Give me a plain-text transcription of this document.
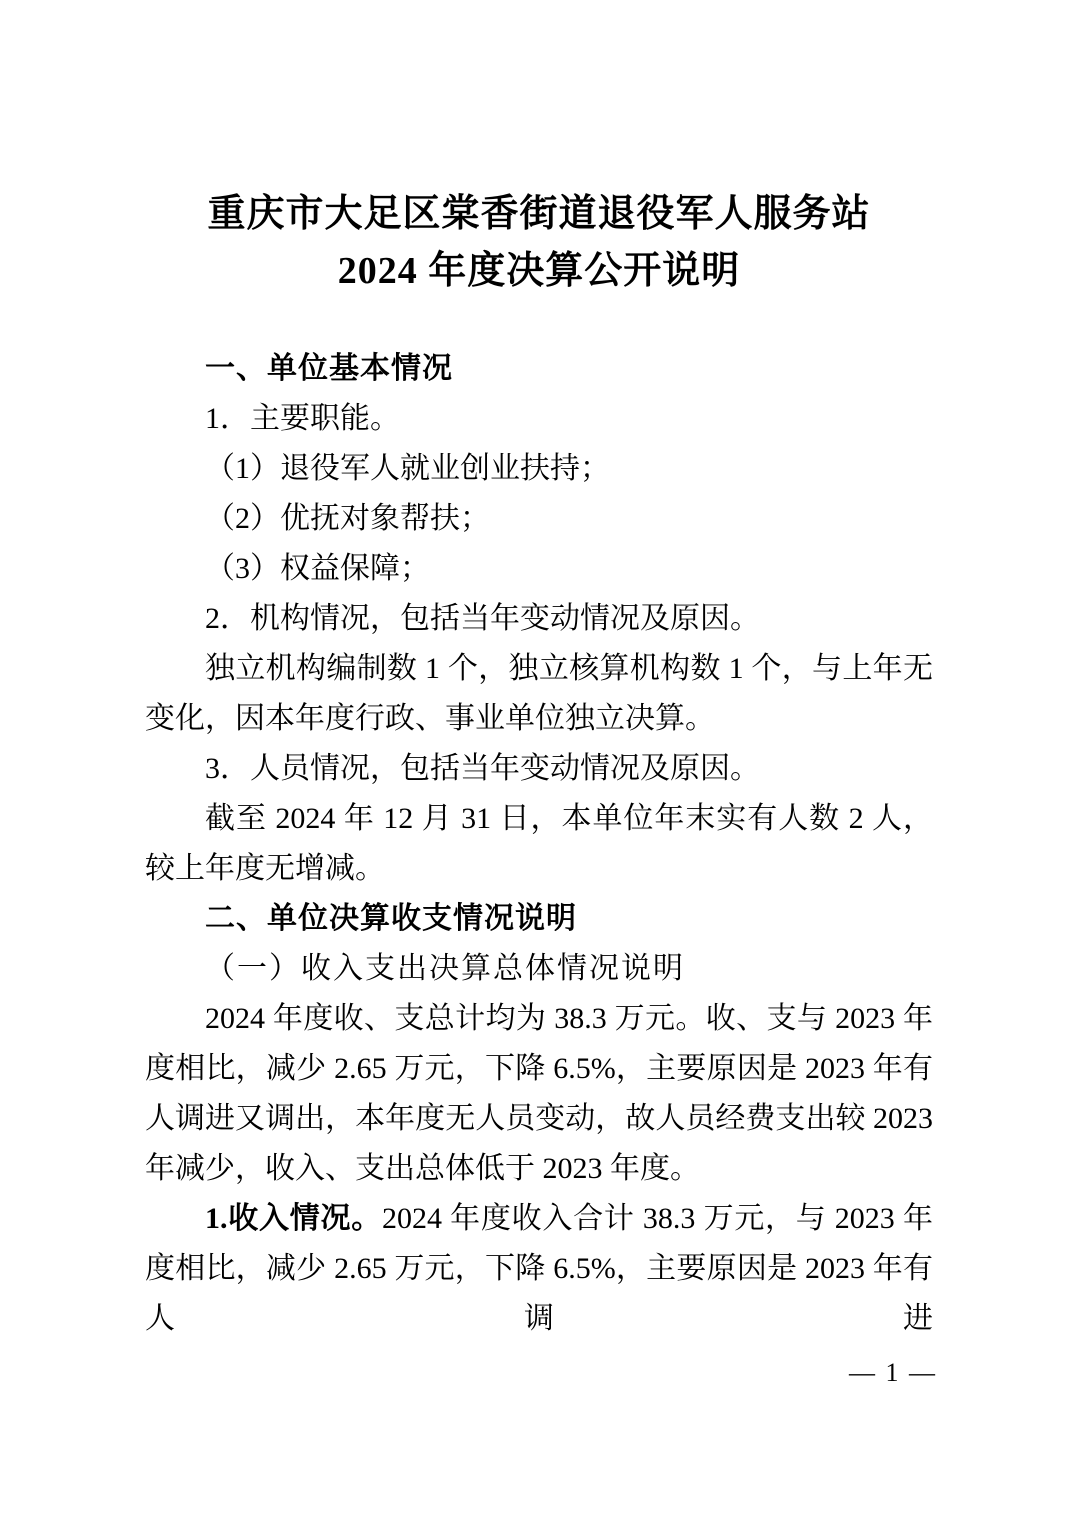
重庆市大足区棠香街道退役军人服务站
2024 年度决算公开说明

一、单位基本情况

1．主要职能。

（1）退役军人就业创业扶持；

（2）优抚对象帮扶；

（3）权益保障；

2．机构情况，包括当年变动情况及原因。

独立机构编制数 1 个，独立核算机构数 1 个，与上年无变化，因本年度行政、事业单位独立决算。

3．人员情况，包括当年变动情况及原因。

截至 2024 年 12 月 31 日，本单位年末实有人数 2 人，较上年度无增减。

二、单位决算收支情况说明

（一）收入支出决算总体情况说明

2024 年度收、支总计均为 38.3 万元。收、支与 2023 年度相比，减少 2.65 万元，下降 6.5%，主要原因是 2023 年有人调进又调出，本年度无人员变动，故人员经费支出较 2023 年减少，收入、支出总体低于 2023 年度。

1.收入情况。2024 年度收入合计 38.3 万元，与 2023 年度相比，减少 2.65 万元，下降 6.5%，主要原因是 2023 年有人调进

— 1 —
